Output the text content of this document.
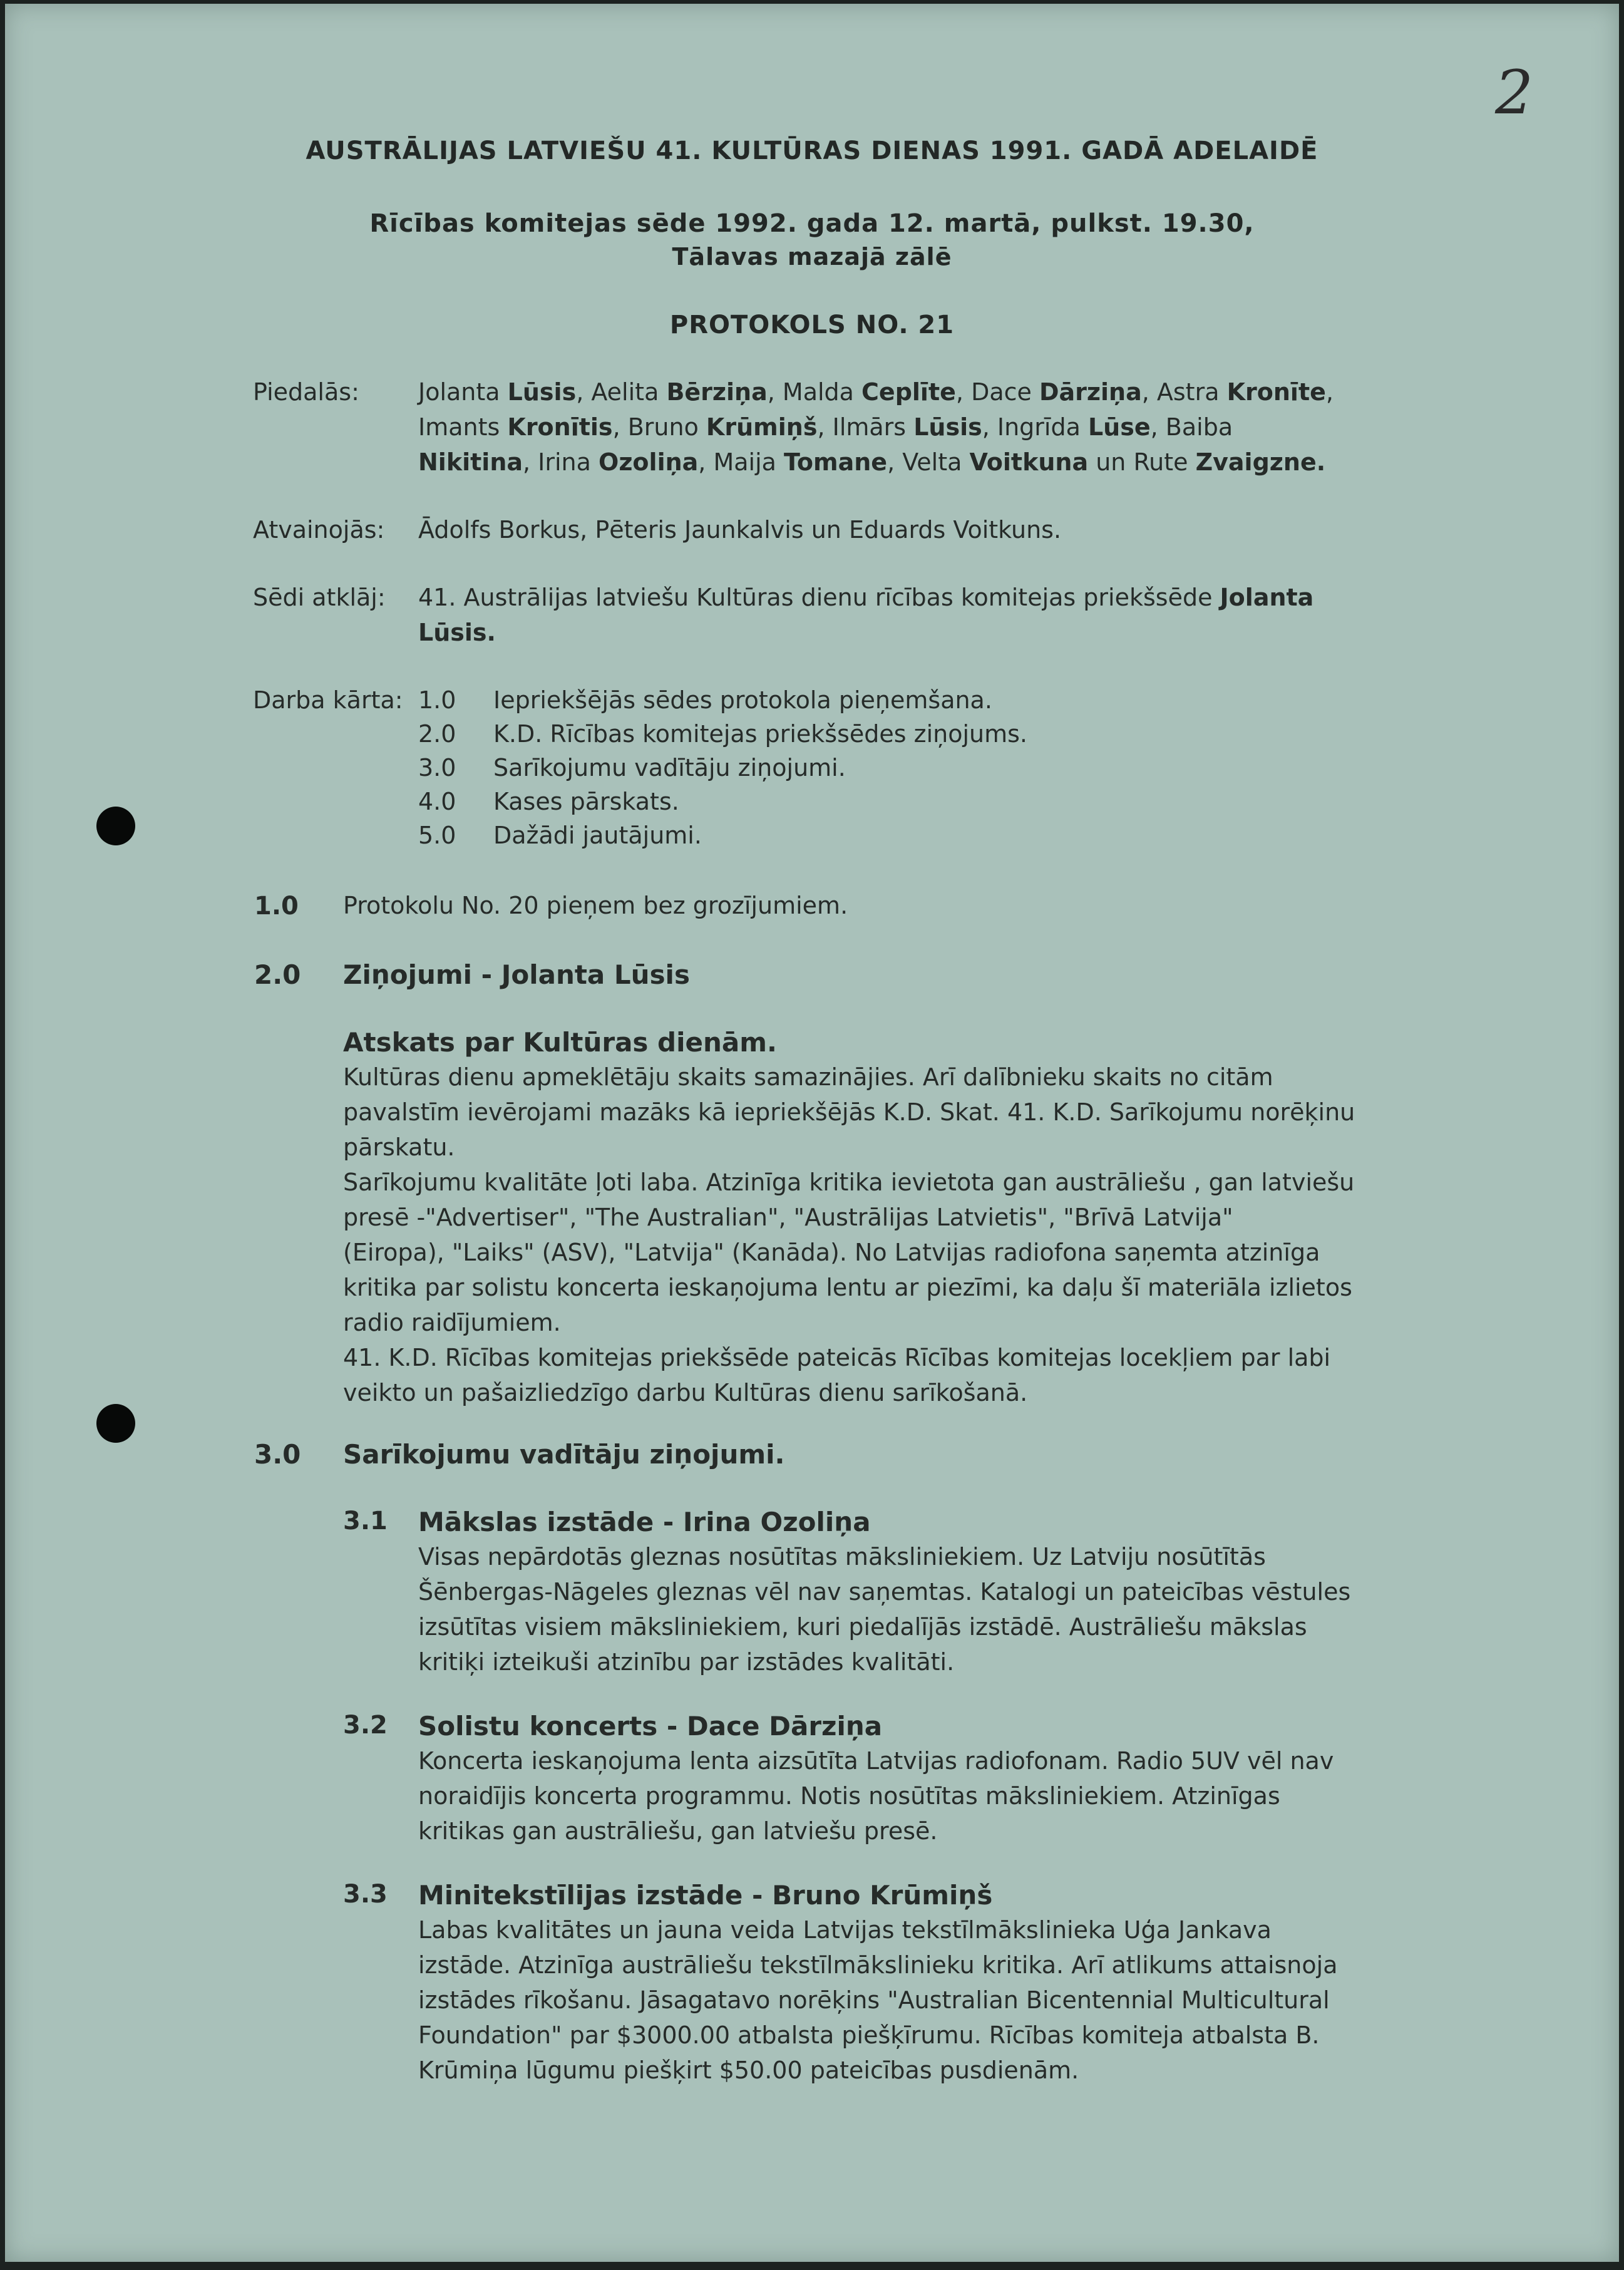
2
AUSTRĀLIJAS LATVIEŠU 41. KULTŪRAS DIENAS 1991. GADĀ ADELAIDĒ
Rīcības komitejas sēde 1992. gada 12. martā, pulkst. 19.30,
Tālavas mazajā zālē
PROTOKOLS NO. 21
Piedalās: Jolanta Lūsis, Aelita Bērziņa, Malda Ceplīte, Dace Dārziņa, Astra Kronīte,
Imants Kronītis, Bruno Krūmiņš, Ilmārs Lūsis, Ingrīda Lūse, Baiba
Nikitina, Irina Ozoliņa, Maija Tomane, Velta Voitkuna un Rute Zvaigzne.
Atvainojās: Ādolfs Borkus, Pēteris Jaunkalvis un Eduards Voitkuns.
Sēdi atklāj: 41. Austrālijas latviešu Kultūras dienu rīcības komitejas priekšsēde Jolanta
Lūsis.
Darba kārta:
1.0 Protokolu No. 20 pieņem bez grozījumiem.
2.0 Ziņojumi - Jolanta Lūsis
Atskats par Kultūras dienām.
Kultūras dienu apmeklētāju skaits samazinājies. Arī dalībnieku skaits no citām
pavalstīm ievērojami mazāks kā iepriekšējās K.D. Skat. 41. K.D. Sarīkojumu norēķinu
pārskatu.
Sarīkojumu kvalitāte ļoti laba. Atzinīga kritika ievietota gan austrāliešu , gan latviešu
presē -"Advertiser", "The Australian", "Austrālijas Latvietis", "Brīvā Latvija"
(Eiropa), "Laiks" (ASV), "Latvija" (Kanāda). No Latvijas radiofona saņemta atzinīga
kritika par solistu koncerta ieskaņojuma lentu ar piezīmi, ka daļu šī materiāla izlietos
radio raidījumiem.
41. K.D. Rīcības komitejas priekšsēde pateicās Rīcības komitejas locekļiem par labi
veikto un pašaizliedzīgo darbu Kultūras dienu sarīkošanā.
3.0 Sarīkojumu vadītāju ziņojumi.
3.1 Mākslas izstāde - Irina Ozoliņa
Visas nepārdotās gleznas nosūtītas māksliniekiem. Uz Latviju nosūtītās
Šēnbergas-Nāgeles gleznas vēl nav saņemtas. Katalogi un pateicības vēstules
izsūtītas visiem māksliniekiem, kuri piedalījās izstādē. Austrāliešu mākslas
kritiķi izteikuši atzinību par izstādes kvalitāti.
3.2 Solistu koncerts - Dace Dārziņa
Koncerta ieskaņojuma lenta aizsūtīta Latvijas radiofonam. Radio 5UV vēl nav
noraidījis koncerta programmu. Notis nosūtītas māksliniekiem. Atzinīgas
kritikas gan austrāliešu, gan latviešu presē.
3.3 Minitekstīlijas izstāde - Bruno Krūmiņš
Labas kvalitātes un jauna veida Latvijas tekstīlmākslinieka Uģa Jankava
izstāde. Atzinīga austrāliešu tekstīlmākslinieku kritika. Arī atlikums attaisnoja
izstādes rīkošanu. Jāsagatavo norēķins "Australian Bicentennial Multicultural
Foundation" par $3000.00 atbalsta piešķīrumu. Rīcības komiteja atbalsta B.
Krūmiņa lūgumu piešķirt $50.00 pateicības pusdienām.
1.0 Iepriekšējās sēdes protokola pieņemšana.
2.0 K.D. Rīcības komitejas priekšsēdes ziņojums.
3.0 Sarīkojumu vadītāju ziņojumi.
4.0 Kases pārskats.
5.0 Dažādi jautājumi.
